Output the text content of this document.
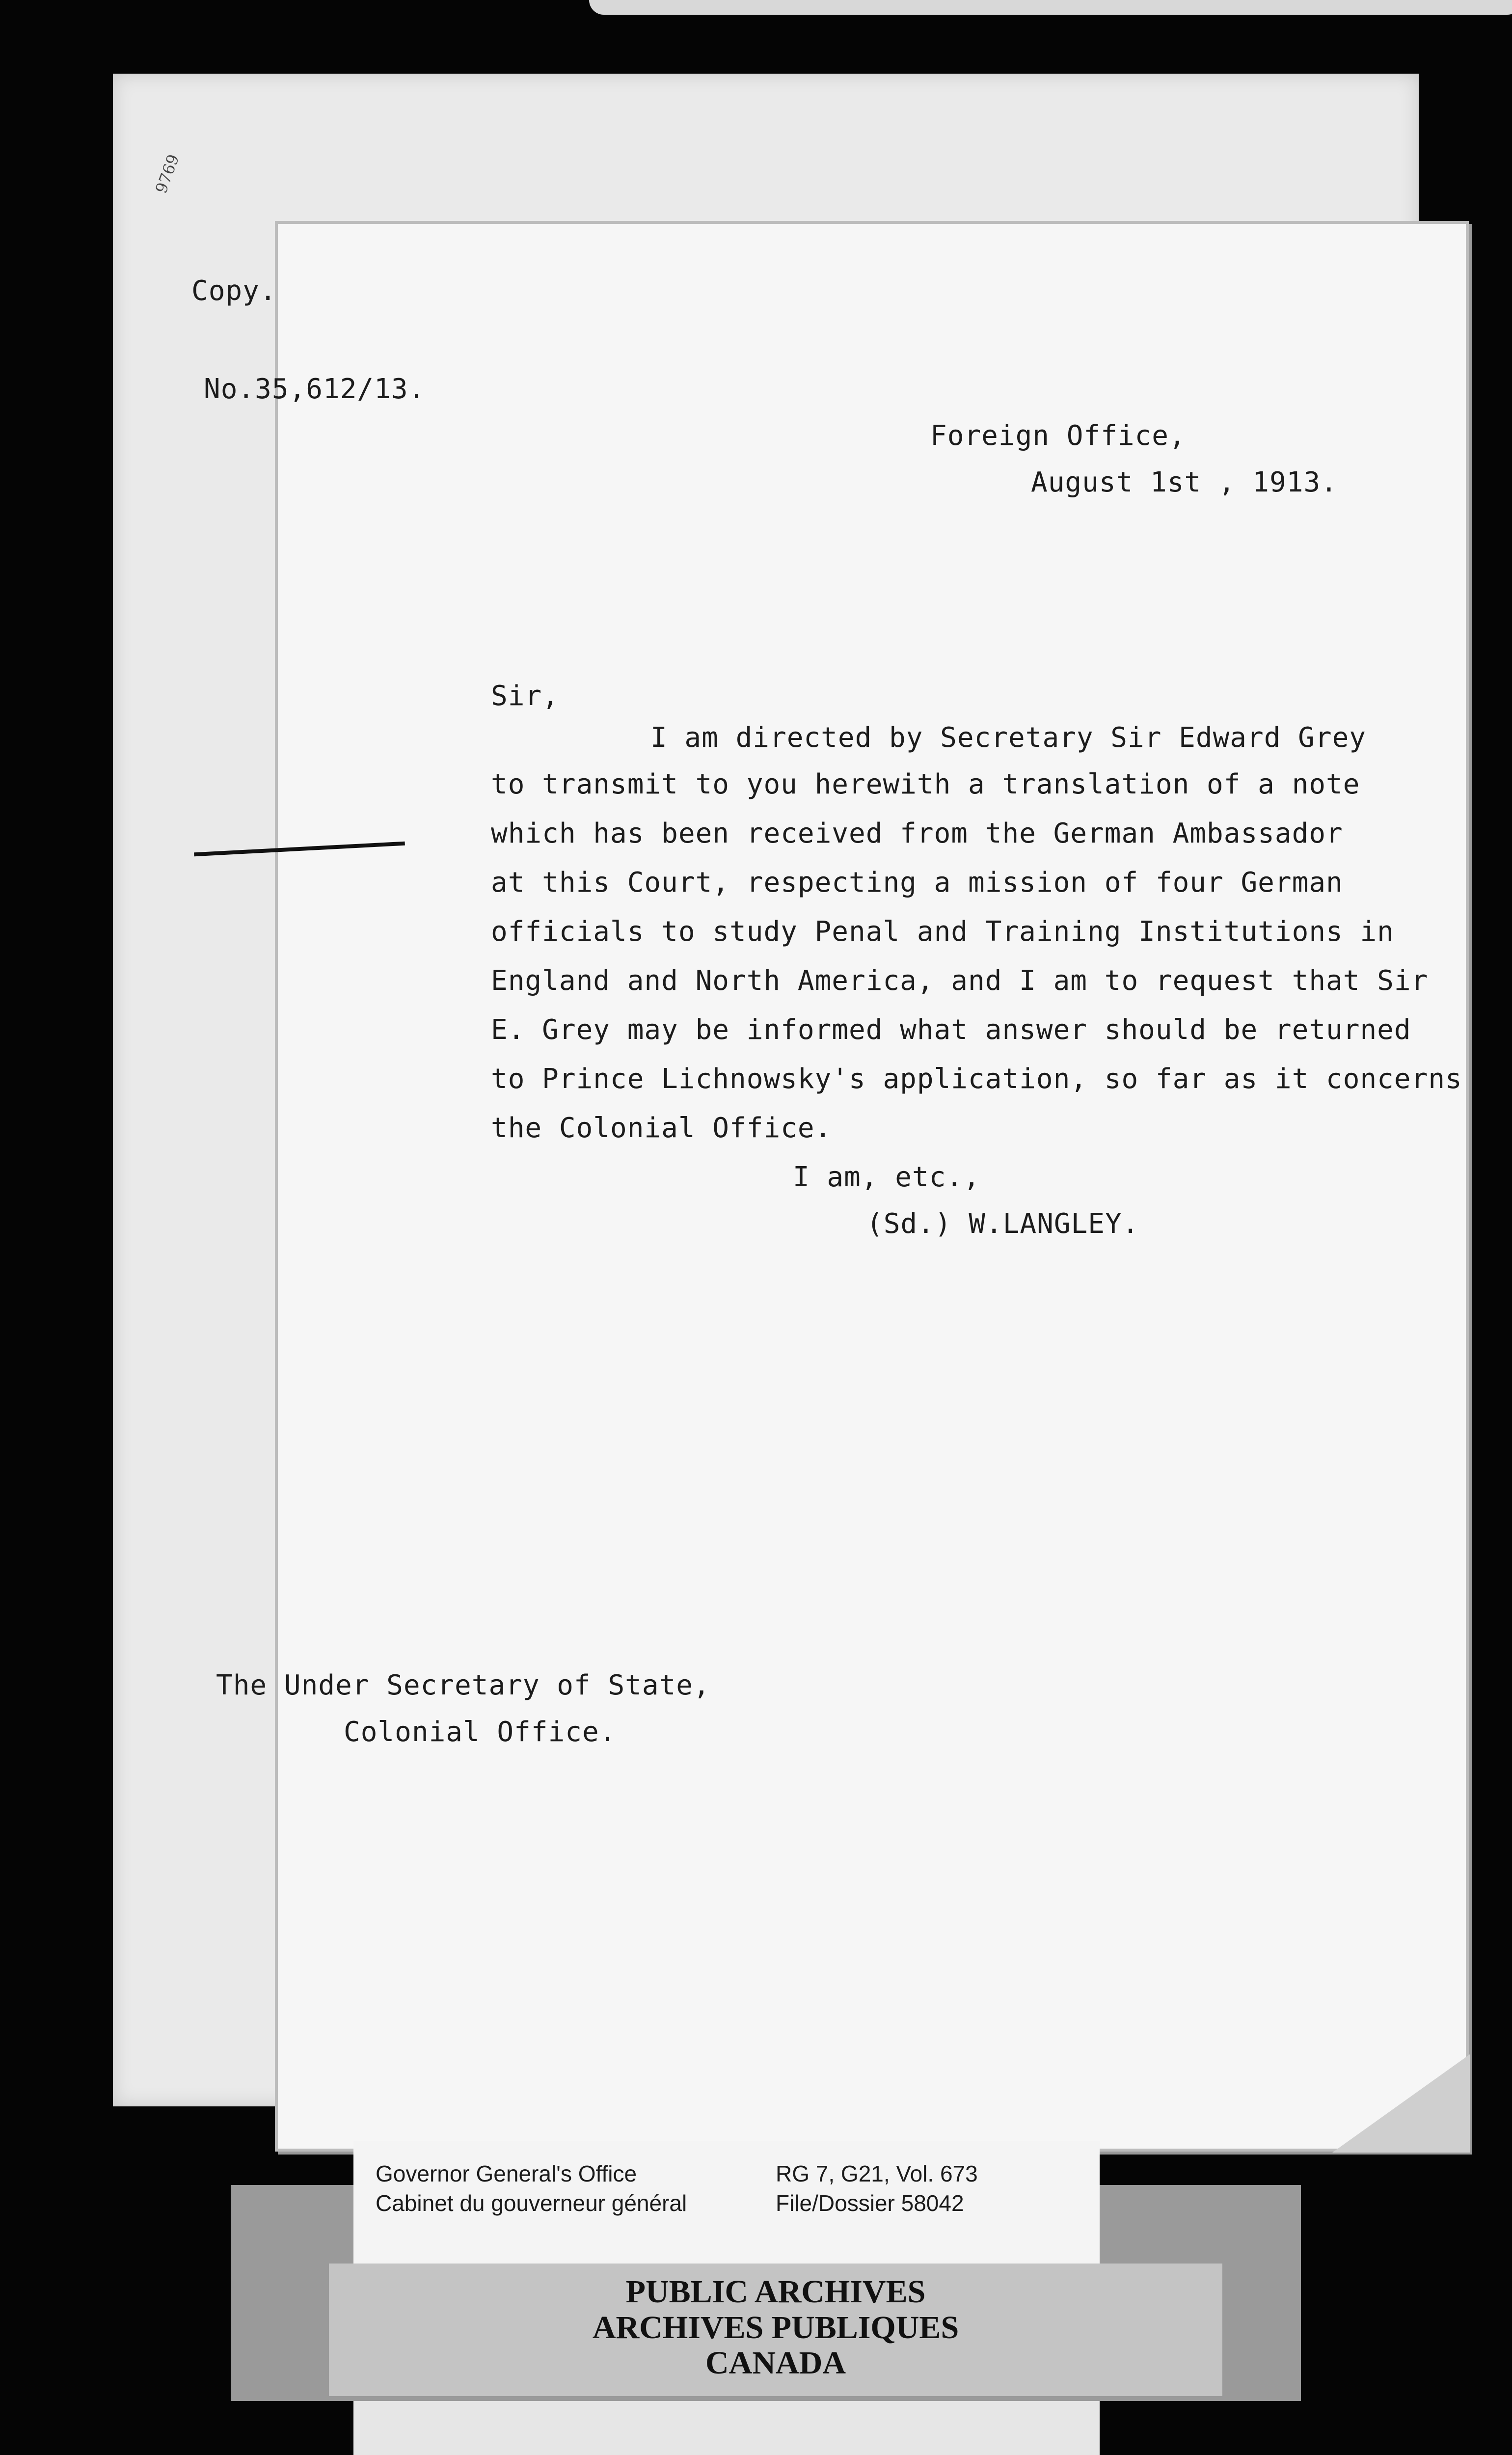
9769
Copy.
No.35,612/13.
Foreign Office,
August 1st , 1913.
Sir,
I am directed by Secretary Sir Edward Grey
to transmit to you herewith a translation of a note
which has been received from the German Ambassador
at this Court, respecting a mission of four German
officials to study Penal and Training Institutions in
England and North America, and I am to request that Sir
E. Grey may be informed what answer should be returned
to Prince Lichnowsky's application, so far as it concerns
the Colonial Office.
I am, etc.,
(Sd.) W.LANGLEY.
The Under Secretary of State,
Colonial Office.
PUBLIC ARCHIVES
ARCHIVES PUBLIQUES
CANADA
Governor General's Office
Cabinet du gouverneur général
RG 7, G21, Vol. 673
File/Dossier 58042
